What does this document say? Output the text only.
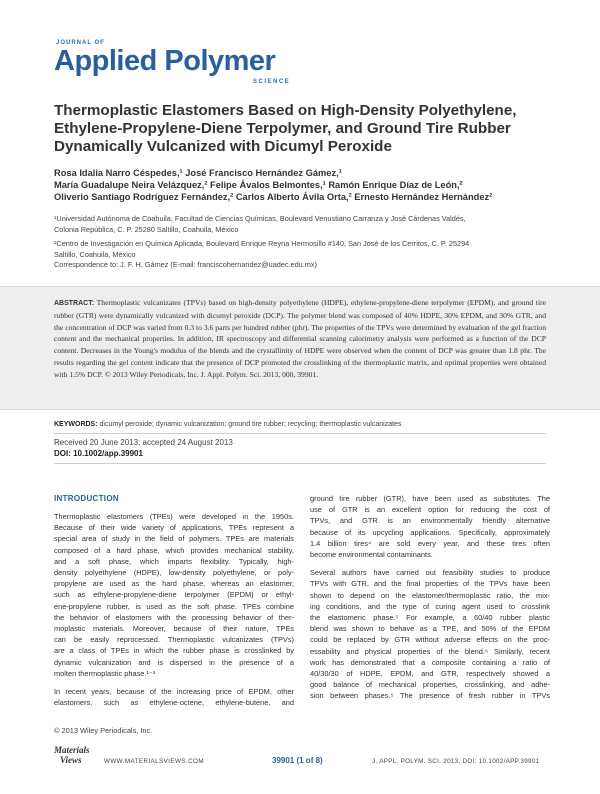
JOURNAL OF
Applied Polymer
SCIENCE
Thermoplastic Elastomers Based on High-Density Polyethylene,
Ethylene-Propylene-Diene Terpolymer, and Ground Tire Rubber
Dynamically Vulcanized with Dicumyl Peroxide
Rosa Idalia Narro Céspedes,¹ José Francisco Hernández Gámez,¹
María Guadalupe Neira Velázquez,² Felipe Ávalos Belmontes,¹ Ramón Enrique Díaz de León,²
Oliverio Santiago Rodríguez Fernández,² Carlos Alberto Ávila Orta,² Ernesto Hernández Hernández²
¹Universidad Autónoma de Coahuila, Facultad de Ciencias Químicas, Boulevard Venustiano Carranza y José Cárdenas Valdés,
Colonia República, C. P. 25280 Saltillo, Coahuila, México
²Centro de Investigación en Química Aplicada, Boulevard Enrique Reyna Hermosillo #140, San José de los Cerritos, C. P. 25294
Saltillo, Coahuila, México
Correspondence to: J. F. H. Gámez (E-mail: franciscohernandez@uadec.edu.mx)
ABSTRACT: Thermoplastic vulcanizates (TPVs) based on high-density polyethylene (HDPE), ethylene-propylene-diene terpolymer (EPDM), and ground tire rubber (GTR) were dynamically vulcanized with dicumyl peroxide (DCP). The polymer blend was composed of 40% HDPE, 30% EPDM, and 30% GTR, and the concentration of DCP was varied from 0.3 to 3.6 parts per hundred rubber (phr). The properties of the TPVs were determined by evaluation of the gel fraction content and the mechanical properties. In addition, IR spectroscopy and differential scanning calorimetry analysis were performed as a function of the DCP content. Decreases in the Young's modulus of the blends and the crystallinity of HDPE were observed when the content of DCP was greater than 1.8 phr. The results regarding the gel content indicate that the presence of DCP promoted the crosslinking of the thermoplastic matrix, and optimal properties were obtained with 1.5% DCP. © 2013 Wiley Periodicals, Inc. J. Appl. Polym. Sci. 2013, 000, 39901.
KEYWORDS: dicumyl peroxide; dynamic vulcanization; ground tire rubber; recycling; thermoplastic vulcanizates
Received 20 June 2013; accepted 24 August 2013
DOI: 10.1002/app.39901
INTRODUCTION
Thermoplastic elastomers (TPEs) were developed in the 1950s.
Because of their wide variety of applications, TPEs represent a
special area of study in the field of polymers. TPEs are materials
composed of a hard phase, which provides mechanical stability,
and a soft phase, which imparts flexibility. Typically, high-
density polyethylene (HDPE), low-density polyethylene, or poly-
propylene are used as the hard phase, whereas an elastomer,
such as ethylene-propylene-diene terpolymer (EPDM) or ethyl-
ene-propylene rubber, is used as the soft phase. TPEs combine
the behavior of elastomers with the processing behavior of ther-
moplastic materials. Moreover, because of their nature, TPEs
can be easily reprocessed. Thermoplastic vulcanizates (TPVs)
are a class of TPEs in which the rubber phase is crosslinked by
dynamic vulcanization and is dispersed in the presence of a
molten thermoplastic phase.¹⁻³
In recent years, because of the increasing price of EPDM, other
elastomers, such as ethylene-octene, ethylene-butene, and
ground tire rubber (GTR), have been used as substitutes. The
use of GTR is an excellent option for reducing the cost of
TPVs, and GTR is an environmentally friendly alternative
because of its upcycling applications. Specifically, approximately
1.4 billion tires⁴ are sold every year, and these tires often
become environmental contaminants.
Several authors have carried out feasibility studies to produce
TPVs with GTR, and the final properties of the TPVs have been
shown to depend on the elastomer/thermoplastic ratio, the mix-
ing conditions, and the type of curing agent used to crosslink
the elastomeric phase.⁵ For example, a 60/40 rubber plastic
blend was shown to behave as a TPE, and 50% of the EPDM
could be replaced by GTR without adverse effects on the proc-
essability and physical properties of the blend.⁶ Similarly, recent
work has demonstrated that a composite containing a ratio of
40/30/30 of HDPE, EPDM, and GTR, respectively showed a
good balance of mechanical properties, crosslinking, and adhe-
sion between phases.⁵ The presence of fresh rubber in TPVs
© 2013 Wiley Periodicals, Inc.
Materials
Views	WWW.MATERIALSVIEWS.COM	39901 (1 of 8)	J. APPL. POLYM. SCI. 2013, DOI: 10.1002/APP.39901
